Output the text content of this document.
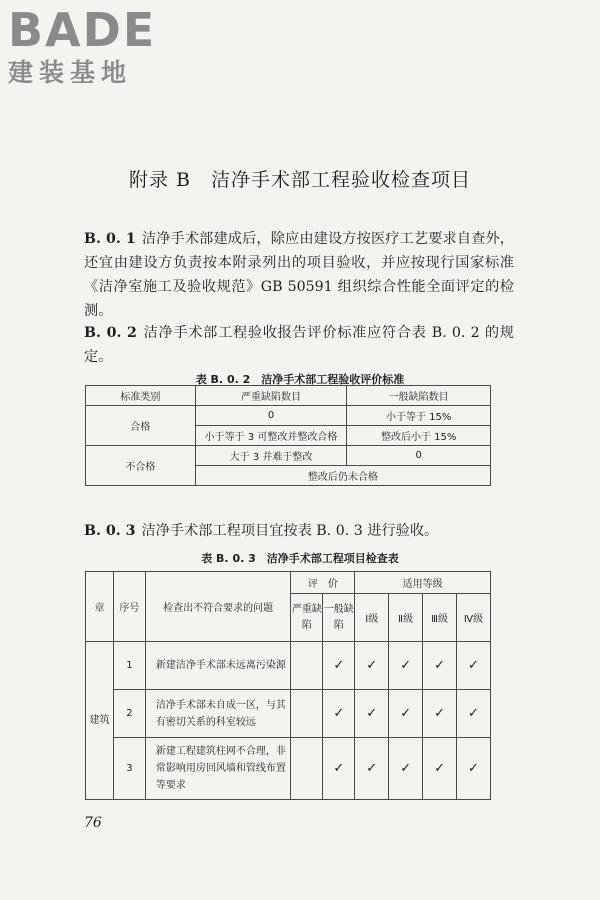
BADE
建装基地
附录 B　洁净手术部工程验收检查项目
B. 0. 1 洁净手术部建成后，除应由建设方按医疗工艺要求自查外，还宜由建设方负责按本附录列出的项目验收，并应按现行国家标准《洁净室施工及验收规范》GB 50591 组织综合性能全面评定的检测。
B. 0. 2 洁净手术部工程验收报告评价标准应符合表 B. 0. 2 的规定。
表 B. 0. 2　洁净手术部工程验收评价标准
标准类别	严重缺陷数目	一般缺陷数目
合格	0	小于等于 15%
	小于等于 3 可整改并整改合格	整改后小于 15%
不合格	大于 3 并难于整改	0
	整改后仍未合格	
B. 0. 3 洁净手术部工程项目宜按表 B. 0. 3 进行验收。
表 B. 0. 3　洁净手术部工程项目检查表
章	序号	检查出不符合要求的问题	评　价		适用等级			
			严重缺陷	一般缺陷	Ⅰ级	Ⅱ级	Ⅲ级	Ⅳ级
建筑	1	新建洁净手术部未远离污染源		✓	✓	✓	✓	✓
	2	洁净手术部未自成一区，与其有密切关系的科室较远		✓	✓	✓	✓	✓
	3	新建工程建筑柱网不合理，非常影响用房回风墙和管线布置等要求		✓	✓	✓	✓	✓
76
